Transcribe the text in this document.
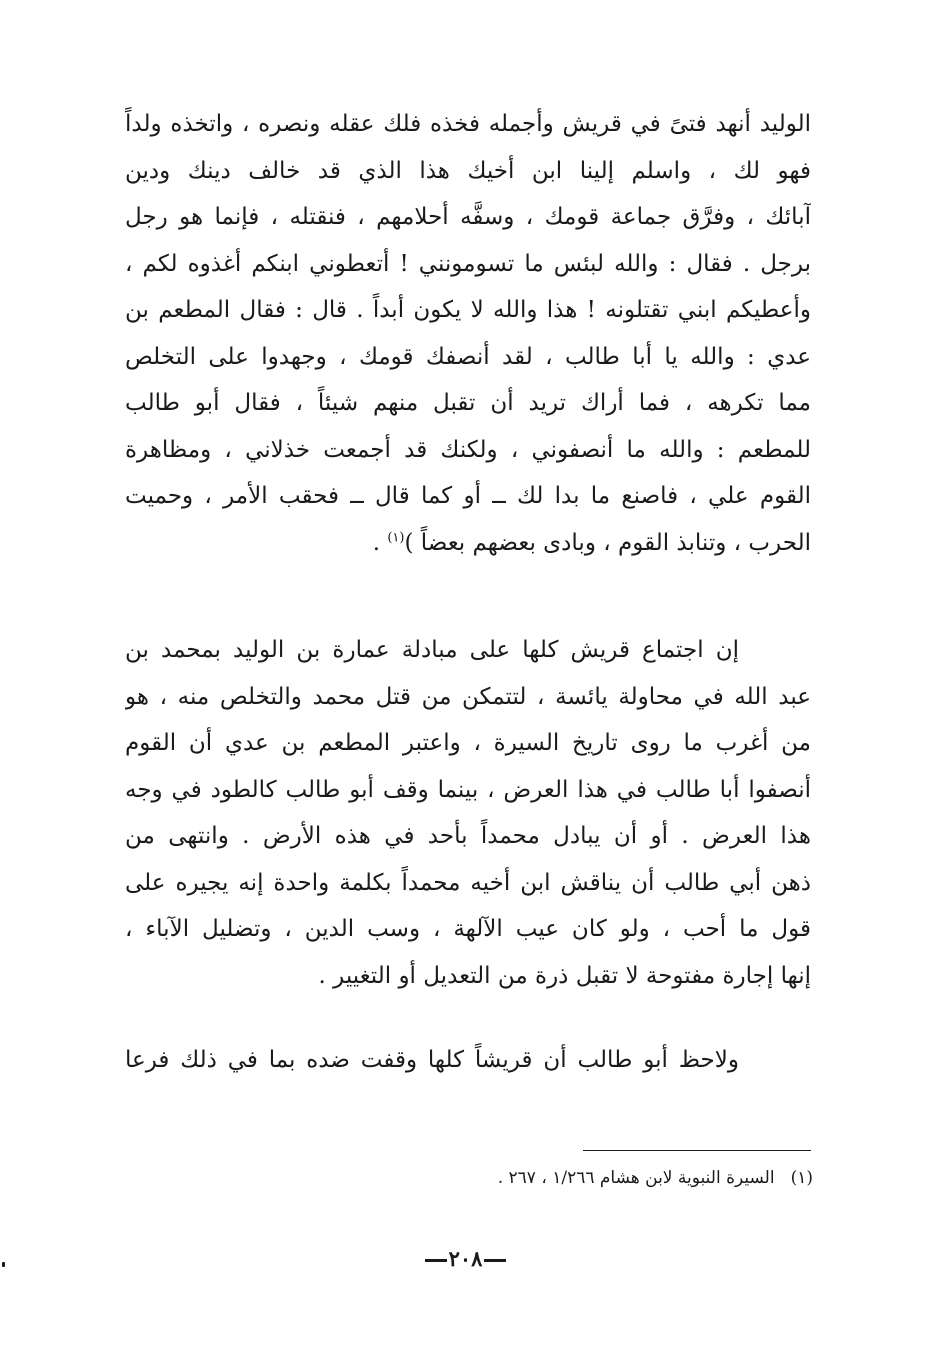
الوليد أنهد فتىً في قريش وأجمله فخذه فلك عقله ونصره ، واتخذه ولداً
فهو لك ، واسلم إلينا ابن أخيك هذا الذي قد خالف دينك ودين
آبائك ، وفرَّق جماعة قومك ، وسفَّه أحلامهم ، فنقتله ، فإنما هو رجل
برجل . فقال : والله لبئس ما تسومونني ! أتعطوني ابنكم أغذوه لكم ،
وأعطيكم ابني تقتلونه ! هذا والله لا يكون أبداً . قال : فقال المطعم بن
عدي : والله يا أبا طالب ، لقد أنصفك قومك ، وجهدوا على التخلص
مما تكرهه ، فما أراك تريد أن تقبل منهم شيئاً ، فقال أبو طالب
للمطعم : والله ما أنصفوني ، ولكنك قد أجمعت خذلاني ، ومظاهرة
القوم علي ، فاصنع ما بدا لك ــ أو كما قال ــ فحقب الأمر ، وحميت
الحرب ، وتنابذ القوم ، وبادى بعضهم بعضاً )$^{(١)}$ .
إن اجتماع قريش كلها على مبادلة عمارة بن الوليد بمحمد بن
عبد الله في محاولة يائسة ، لتتمكن من قتل محمد والتخلص منه ، هو
من أغرب ما روى تاريخ السيرة ، واعتبر المطعم بن عدي أن القوم
أنصفوا أبا طالب في هذا العرض ، بينما وقف أبو طالب كالطود في وجه
هذا العرض . أو أن يبادل محمداً بأحد في هذه الأرض . وانتهى من
ذهن أبي طالب أن يناقش ابن أخيه محمداً بكلمة واحدة إنه يجيره على
قول ما أحب ، ولو كان عيب الآلهة ، وسب الدين ، وتضليل الآباء ،
إنها إجارة مفتوحة لا تقبل ذرة من التعديل أو التغيير .
ولاحظ أبو طالب أن قريشاً كلها وقفت ضده بما في ذلك فرعا
(١)السيرة النبوية لابن هشام ١/٢٦٦ ، ٢٦٧ .
٢٠٨
